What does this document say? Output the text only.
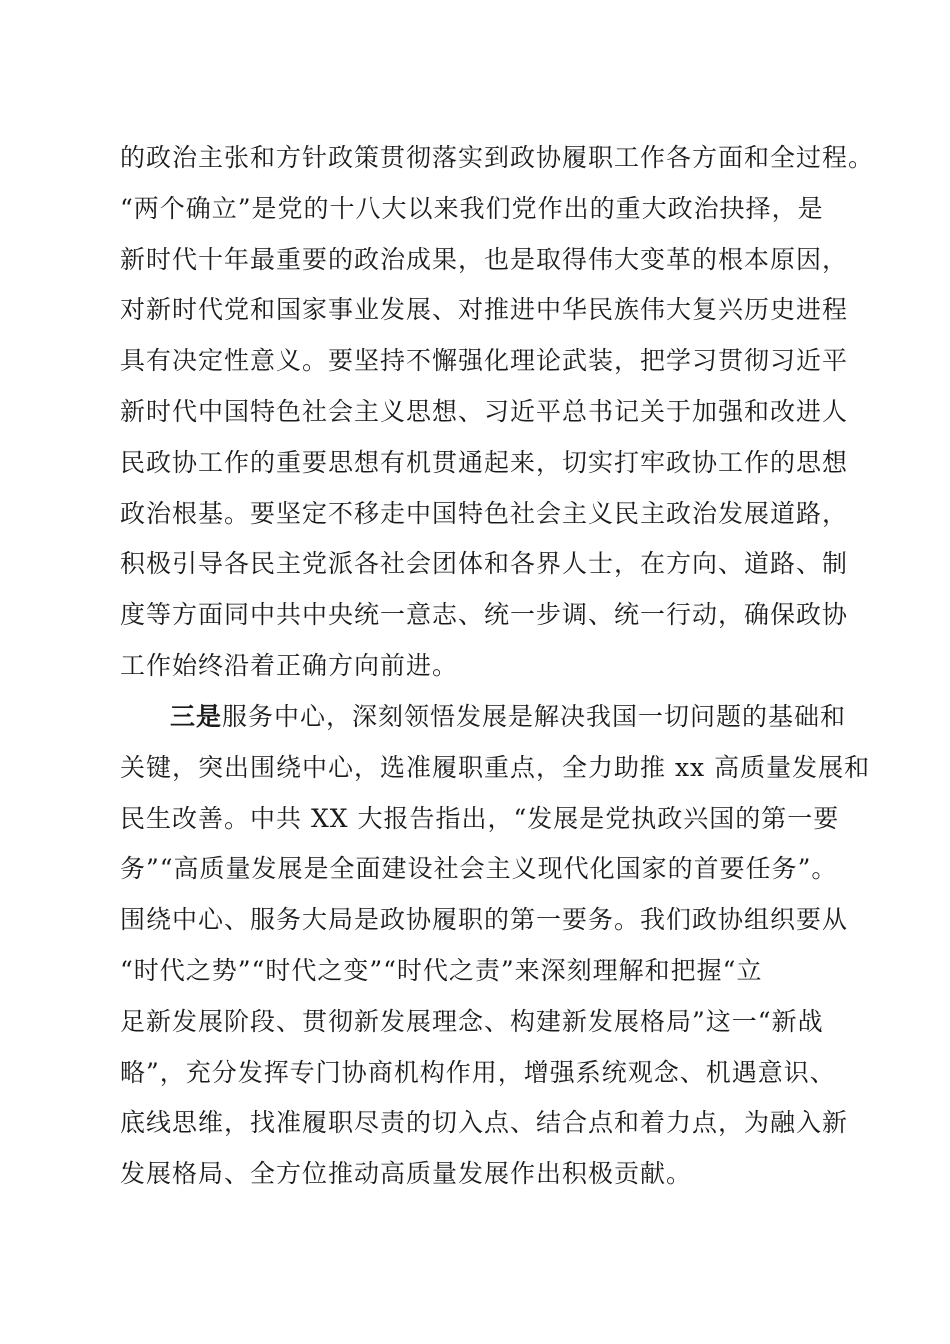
的政治主张和方针政策贯彻落实到政协履职工作各方面和全过程。
“两个确立”是党的十八大以来我们党作出的重大政治抉择，是
新时代十年最重要的政治成果，也是取得伟大变革的根本原因，
对新时代党和国家事业发展、对推进中华民族伟大复兴历史进程
具有决定性意义。要坚持不懈强化理论武装，把学习贯彻习近平
新时代中国特色社会主义思想、习近平总书记关于加强和改进人
民政协工作的重要思想有机贯通起来，切实打牢政协工作的思想
政治根基。要坚定不移走中国特色社会主义民主政治发展道路，
积极引导各民主党派各社会团体和各界人士，在方向、道路、制
度等方面同中共中央统一意志、统一步调、统一行动，确保政协
工作始终沿着正确方向前进。
三是服务中心，深刻领悟发展是解决我国一切问题的基础和
关键，突出围绕中心，选准履职重点，全力助推 xx 高质量发展和
民生改善。中共 XX 大报告指出，“发展是党执政兴国的第一要
务”“高质量发展是全面建设社会主义现代化国家的首要任务”。
围绕中心、服务大局是政协履职的第一要务。我们政协组织要从
“时代之势”“时代之变”“时代之责”来深刻理解和把握“立
足新发展阶段、贯彻新发展理念、构建新发展格局”这一“新战
略”，充分发挥专门协商机构作用，增强系统观念、机遇意识、
底线思维，找准履职尽责的切入点、结合点和着力点，为融入新
发展格局、全方位推动高质量发展作出积极贡献。
